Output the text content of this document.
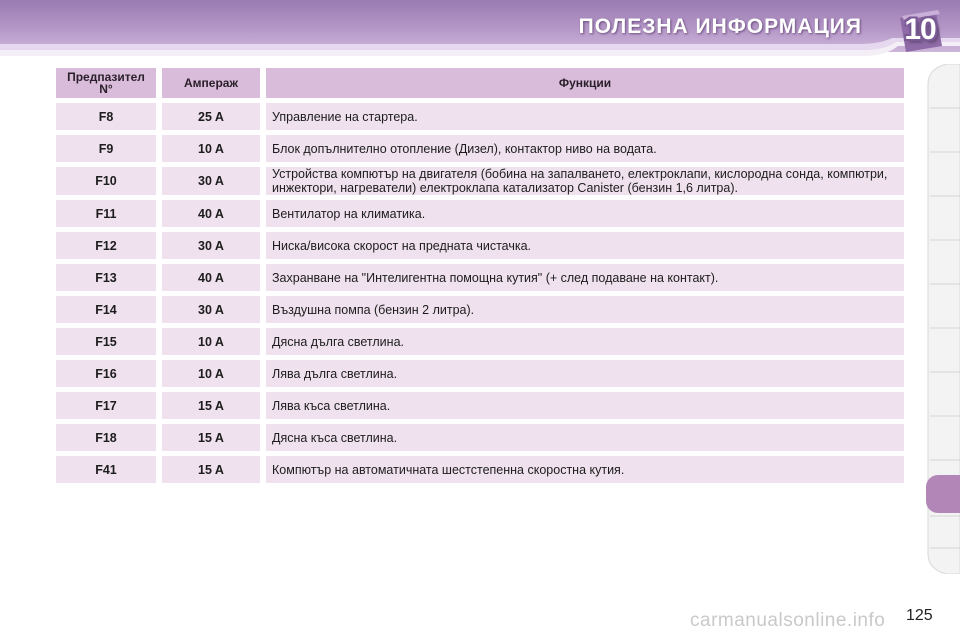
ПОЛЕЗНА ИНФОРМАЦИЯ 10
Предпазител N°	Ампераж	Функции
F8	25 A	Управление на стартера.
F9	10 A	Блок допълнително отопление (Дизел), контактор ниво на водата.
F10	30 A	Устройства компютър на двигателя (бобина на запалването, електроклапи, кислородна сонда, компютри, инжектори, нагреватели) електроклапа катализатор Canister (бензин 1,6 литра).
F11	40 A	Вентилатор на климатика.
F12	30 A	Ниска/висока скорост на предната чистачка.
F13	40 A	Захранване на "Интелигентна помощна кутия" (+ след подаване на контакт).
F14	30 A	Въздушна помпа (бензин 2 литра).
F15	10 A	Дясна дълга светлина.
F16	10 A	Лява дълга светлина.
F17	15 A	Лява къса светлина.
F18	15 A	Дясна къса светлина.
F41	15 A	Компютър на автоматичната шестстепенна скоростна кутия.
125
carmanualsonline.info
